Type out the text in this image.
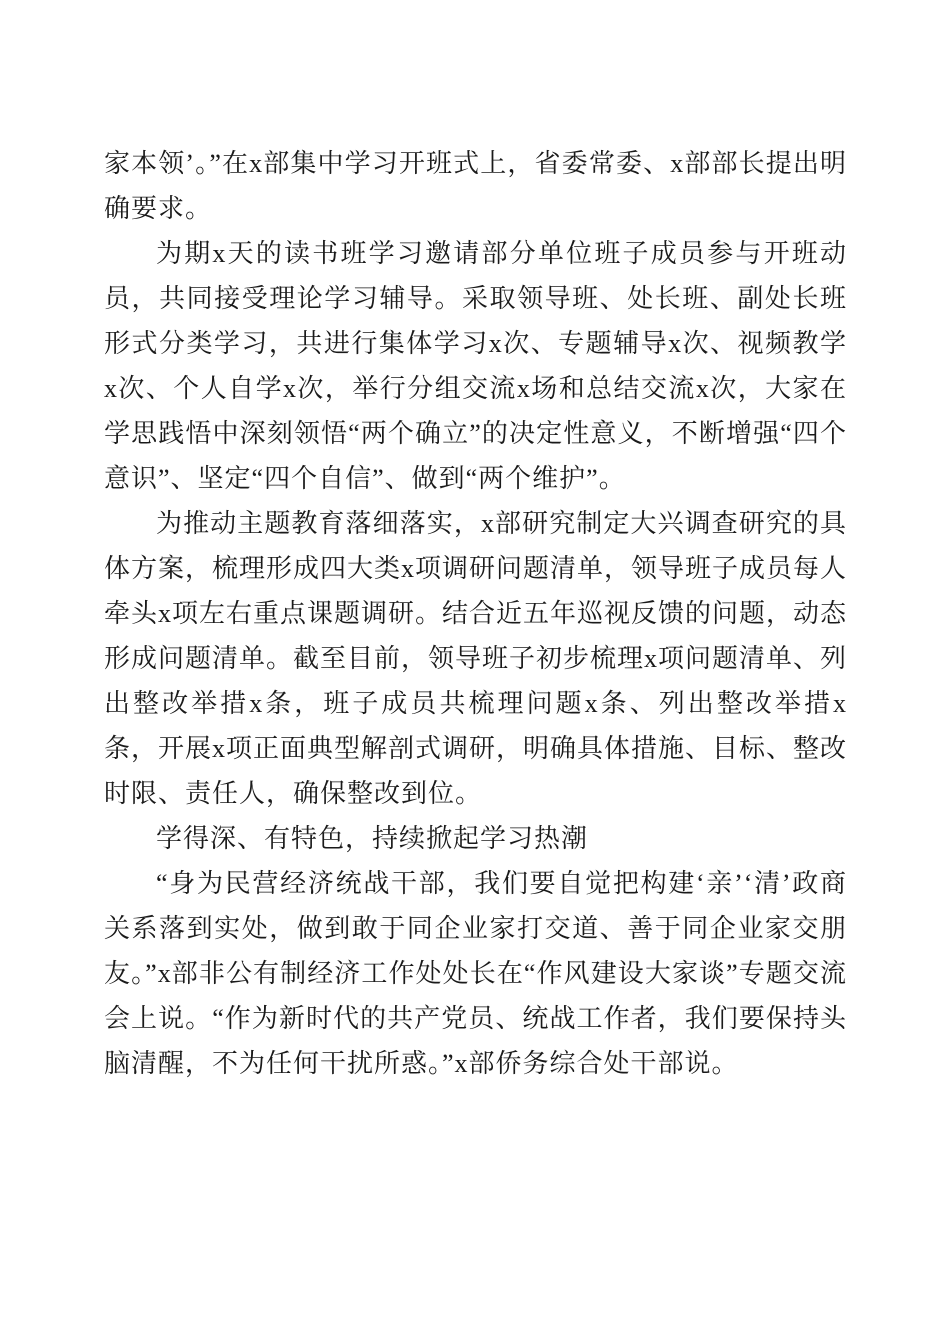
家本领’。”在x部集中学习开班式上，省委常委、x部部长提出明确要求。

为期x天的读书班学习邀请部分单位班子成员参与开班动员，共同接受理论学习辅导。采取领导班、处长班、副处长班形式分类学习，共进行集体学习x次、专题辅导x次、视频教学x次、个人自学x次，举行分组交流x场和总结交流x次，大家在学思践悟中深刻领悟“两个确立”的决定性意义，不断增强“四个意识”、坚定“四个自信”、做到“两个维护”。

为推动主题教育落细落实，x部研究制定大兴调查研究的具体方案，梳理形成四大类x项调研问题清单，领导班子成员每人牵头x项左右重点课题调研。结合近五年巡视反馈的问题，动态形成问题清单。截至目前，领导班子初步梳理x项问题清单、列出整改举措x条，班子成员共梳理问题x条、列出整改举措x条，开展x项正面典型解剖式调研，明确具体措施、目标、整改时限、责任人，确保整改到位。

学得深、有特色，持续掀起学习热潮

“身为民营经济统战干部，我们要自觉把构建‘亲’‘清’政商关系落到实处，做到敢于同企业家打交道、善于同企业家交朋友。”x部非公有制经济工作处处长在“作风建设大家谈”专题交流会上说。“作为新时代的共产党员、统战工作者，我们要保持头脑清醒，不为任何干扰所惑。”x部侨务综合处干部说。
